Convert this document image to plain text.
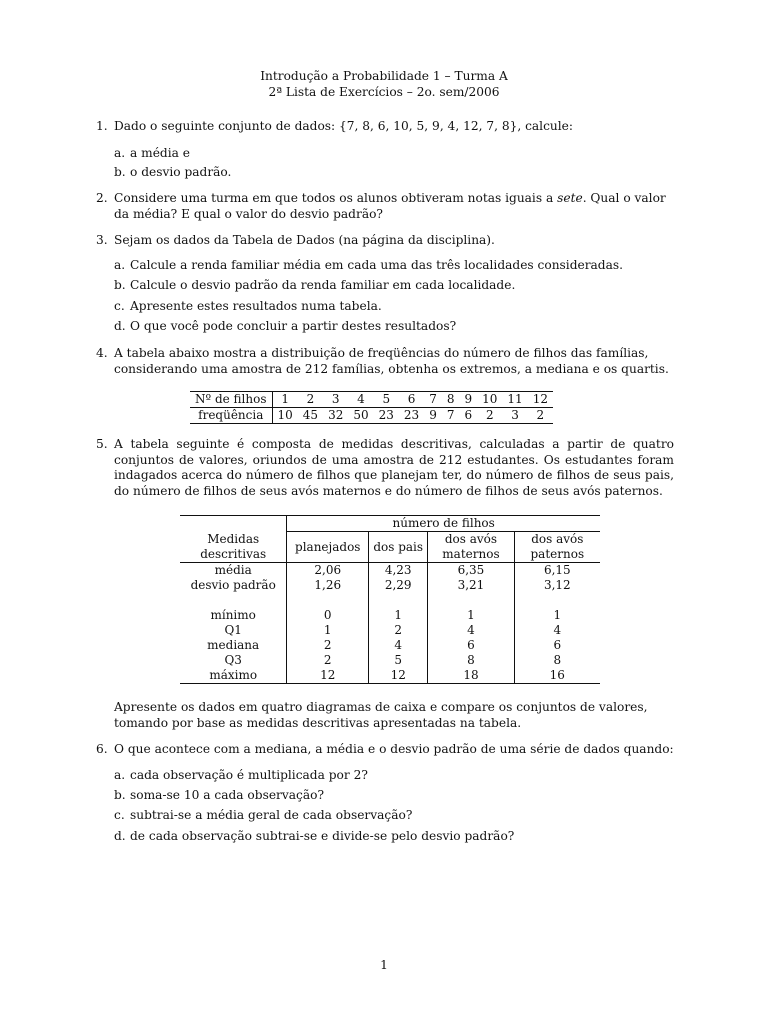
Introdução a Probabilidade 1 – Turma A
2ª Lista de Exercícios – 2o. sem/2006
1. Dado o seguinte conjunto de dados: {7, 8, 6, 10, 5, 9, 4, 12, 7, 8}, calcule:
a. a média e
b. o desvio padrão.
2. Considere uma turma em que todos os alunos obtiveram notas iguais a sete. Qual o valor da média? E qual o valor do desvio padrão?
3. Sejam os dados da Tabela de Dados (na página da disciplina).
a. Calcule a renda familiar média em cada uma das três localidades consideradas.
b. Calcule o desvio padrão da renda familiar em cada localidade.
c. Apresente estes resultados numa tabela.
d. O que você pode concluir a partir destes resultados?
4. A tabela abaixo mostra a distribuição de freqüências do número de filhos das famílias, considerando uma amostra de 212 famílias, obtenha os extremos, a mediana e os quartis.
Nº de filhos	1	2	3	4	5	6	7	8	9	10	11	12
freqüência	10	45	32	50	23	23	9	7	6	2	3	2
5. A tabela seguinte é composta de medidas descritivas, calculadas a partir de quatro conjuntos de valores, oriundos de uma amostra de 212 estudantes. Os estudantes foram indagados acerca do número de filhos que planejam ter, do número de filhos de seus pais, do número de filhos de seus avós maternos e do número de filhos de seus avós paternos.
	número de filhos			
Medidas	planejados	dos pais	dos avós maternos	dos avós paternos
descritivas				
média	2,06	4,23	6,35	6,15
desvio padrão	1,26	2,29	3,21	3,12

mínimo	0	1	1	1
Q1	1	2	4	4
mediana	2	4	6	6
Q3	2	5	8	8
máximo	12	12	18	16
Apresente os dados em quatro diagramas de caixa e compare os conjuntos de valores, tomando por base as medidas descritivas apresentadas na tabela.
6. O que acontece com a mediana, a média e o desvio padrão de uma série de dados quando:
a. cada observação é multiplicada por 2?
b. soma-se 10 a cada observação?
c. subtrai-se a média geral de cada observação?
d. de cada observação subtrai-se e divide-se pelo desvio padrão?
1
